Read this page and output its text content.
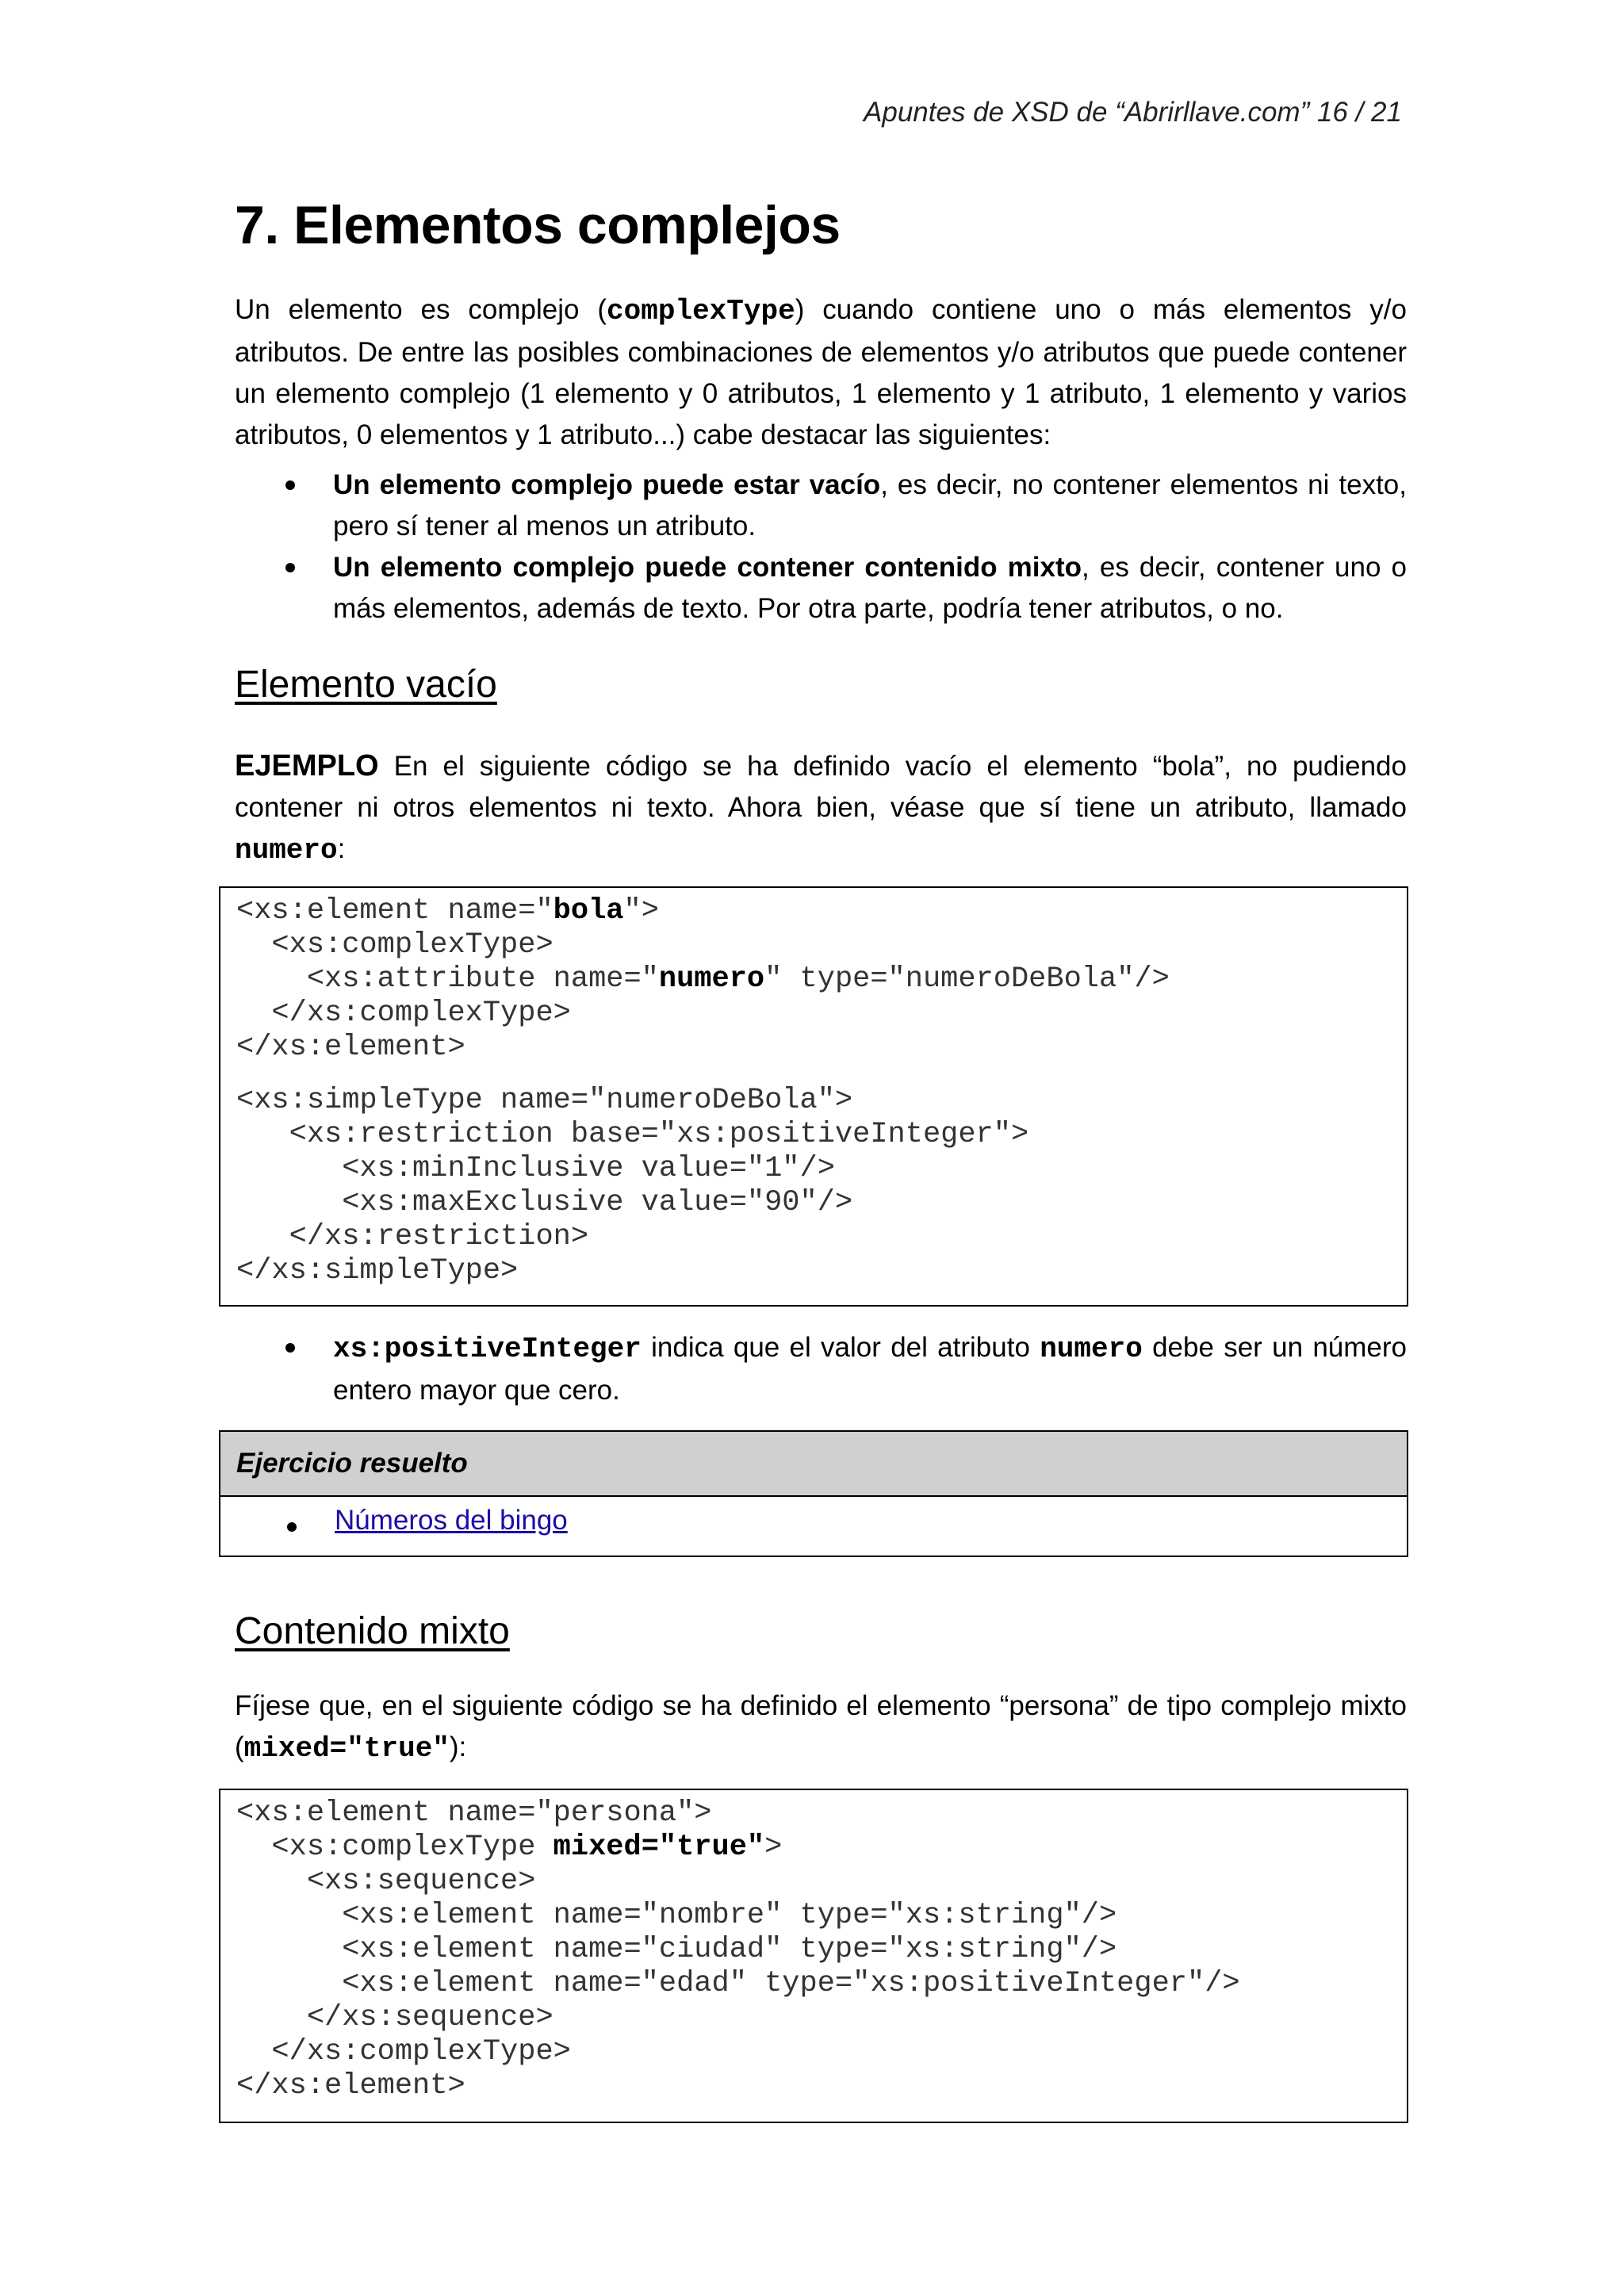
Apuntes de XSD de “Abrirllave.com” 16 / 21
7. Elementos complejos
Un elemento es complejo (complexType) cuando contiene uno o más elementos y/o atributos. De entre las posibles combinaciones de elementos y/o atributos que puede contener un elemento complejo (1 elemento y 0 atributos, 1 elemento y 1 atributo, 1 elemento y varios atributos, 0 elementos y 1 atributo...) cabe destacar las siguientes:
Un elemento complejo puede estar vacío, es decir, no contener elementos ni texto, pero sí tener al menos un atributo.
Un elemento complejo puede contener contenido mixto, es decir, contener uno o más elementos, además de texto. Por otra parte, podría tener atributos, o no.
Elemento vacío
EJEMPLO En el siguiente código se ha definido vacío el elemento “bola”, no pudiendo contener ni otros elementos ni texto. Ahora bien, véase que sí tiene un atributo, llamado numero:
<xs:element name="bola">
<xs:complexType>
<xs:attribute name="numero" type="numeroDeBola"/>
</xs:complexType>
</xs:element>
<xs:simpleType name="numeroDeBola">
<xs:restriction base="xs:positiveInteger">
<xs:minInclusive value="1"/>
<xs:maxExclusive value="90"/>
</xs:restriction>
</xs:simpleType>
xs:positiveInteger indica que el valor del atributo numero debe ser un número entero mayor que cero.
Ejercicio resuelto
Números del bingo
Contenido mixto
Fíjese que, en el siguiente código se ha definido el elemento “persona” de tipo complejo mixto (mixed="true"):
<xs:element name="persona">
<xs:complexType mixed="true">
<xs:sequence>
<xs:element name="nombre" type="xs:string"/>
<xs:element name="ciudad" type="xs:string"/>
<xs:element name="edad" type="xs:positiveInteger"/>
</xs:sequence>
</xs:complexType>
</xs:element>
